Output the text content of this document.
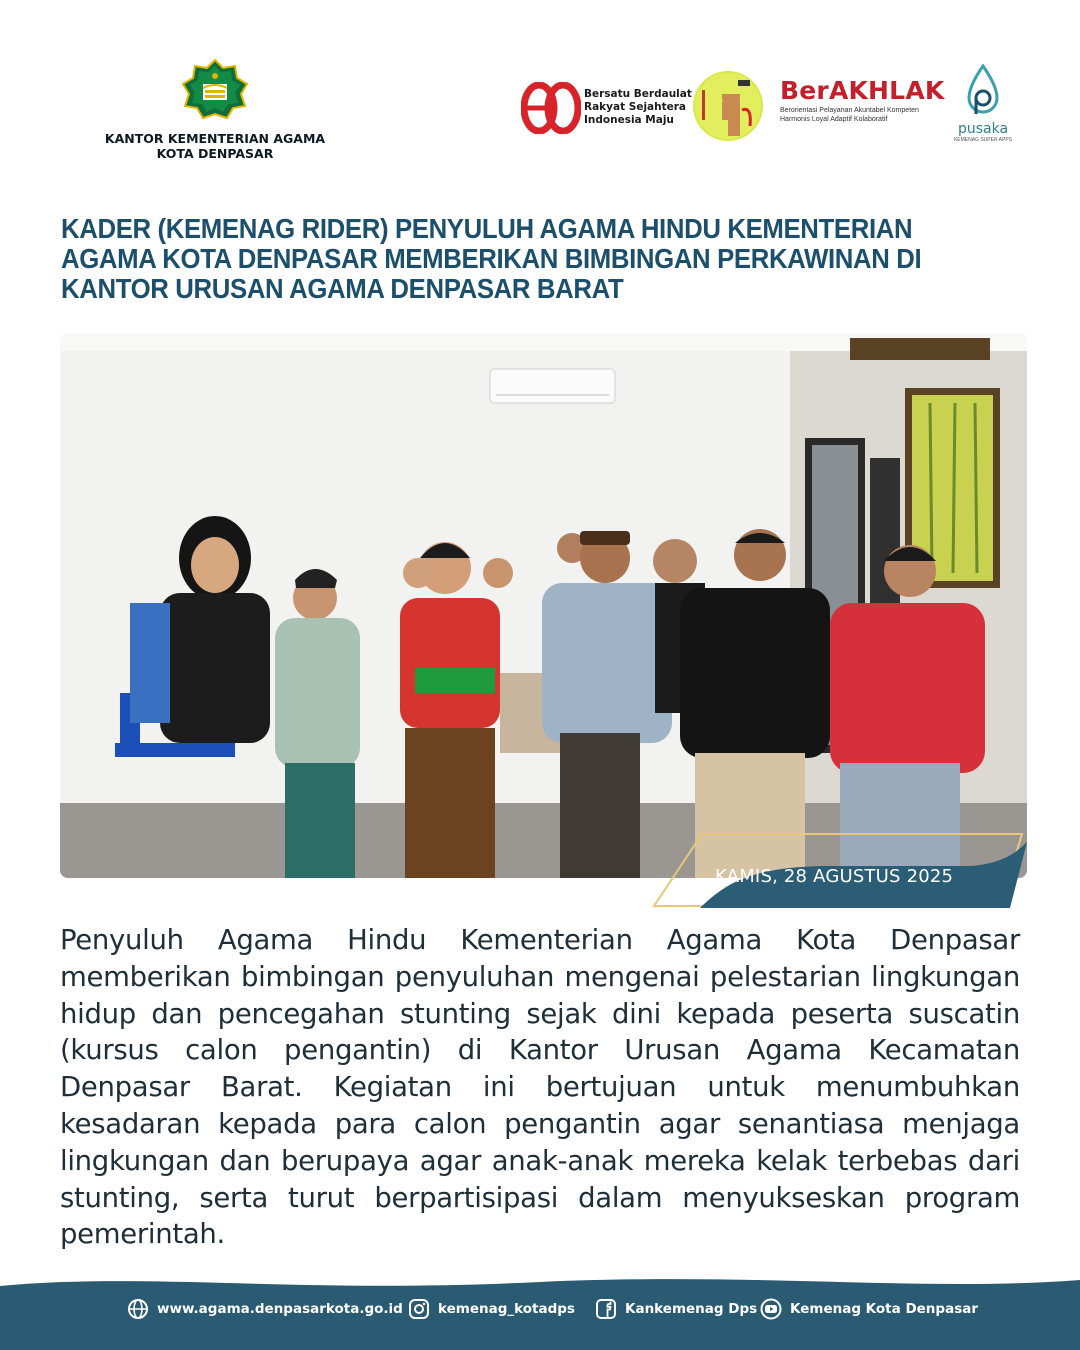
KANTOR KEMENTERIAN AGAMA
KOTA DENPASAR
Bersatu Berdaulat
Rakyat Sejahtera
Indonesia Maju
BerAKHLAK
Berorientasi Pelayanan Akuntabel Kompeten
Harmonis Loyal Adaptif Kolaboratif
pusaka
KEMENAG SUPER APPS
KADER (KEMENAG RIDER) PENYULUH AGAMA HINDU KEMENTERIAN AGAMA KOTA DENPASAR MEMBERIKAN BIMBINGAN PERKAWINAN DI KANTOR URUSAN AGAMA DENPASAR BARAT
KAMIS, 28 AGUSTUS 2025

Penyuluh Agama Hindu Kementerian Agama Kota Denpasar memberikan bimbingan penyuluhan mengenai pelestarian lingkungan hidup dan pencegahan stunting sejak dini kepada peserta suscatin (kursus calon pengantin) di Kantor Urusan Agama Kecamatan Denpasar Barat. Kegiatan ini bertujuan untuk menumbuhkan kesadaran kepada para calon pengantin agar senantiasa menjaga lingkungan dan berupaya agar anak-anak mereka kelak terbebas dari stunting, serta turut berpartisipasi dalam menyukseskan program pemerintah.

www.agama.denpasarkota.go.id	kemenag_kotadps	Kankemenag Dps Kemenag Kota Denpasar
